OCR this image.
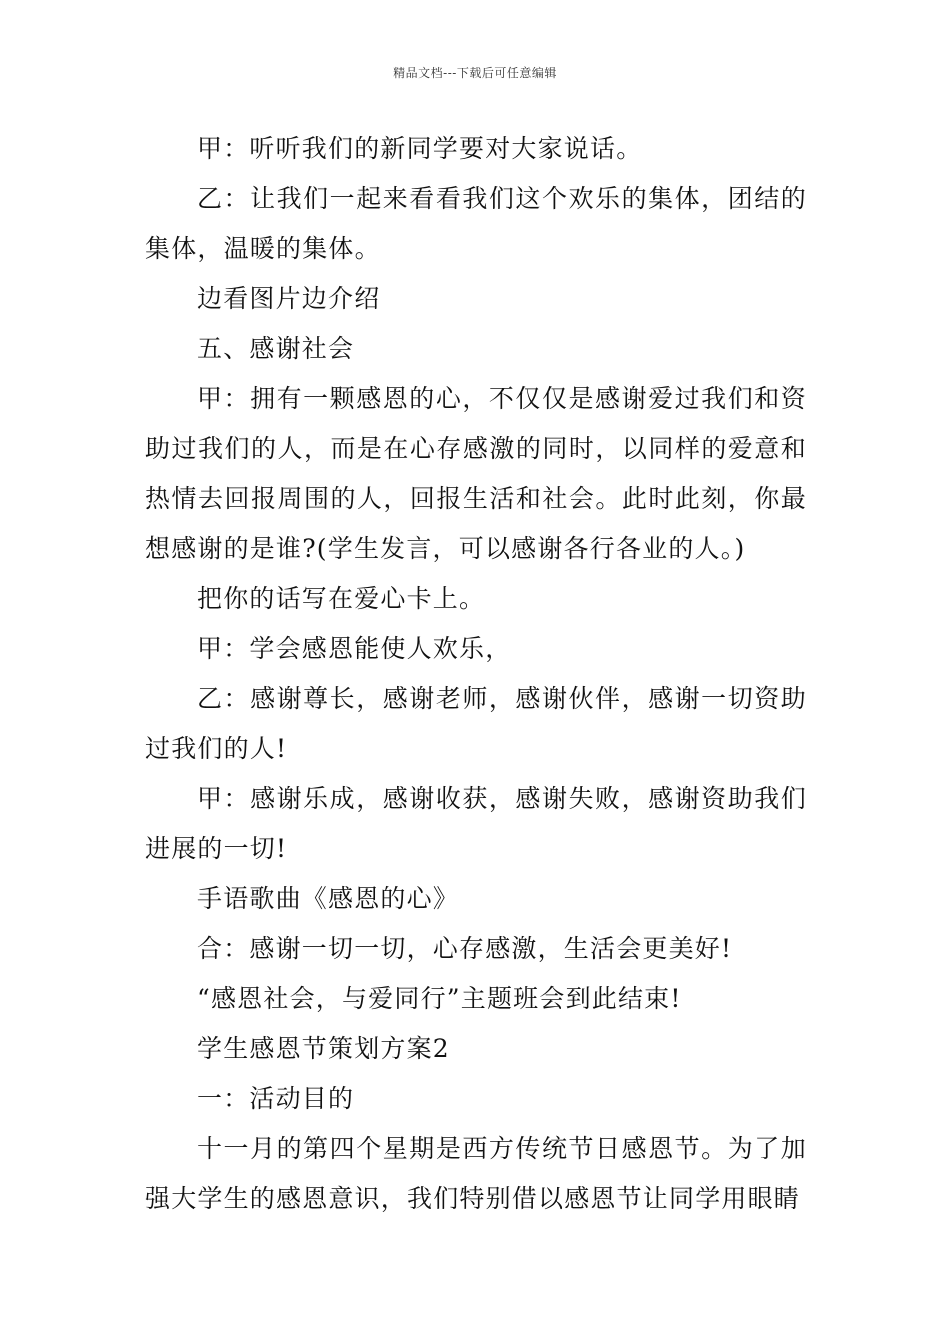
精品文档---下载后可任意编辑

甲：听听我们的新同学要对大家说话。

乙：让我们一起来看看我们这个欢乐的集体，团结的集体，温暖的集体。

边看图片边介绍

五、感谢社会

甲：拥有一颗感恩的心，不仅仅是感谢爱过我们和资助过我们的人，而是在心存感激的同时，以同样的爱意和热情去回报周围的人，回报生活和社会。此时此刻，你最想感谢的是谁?(学生发言，可以感谢各行各业的人。)

把你的话写在爱心卡上。

甲：学会感恩能使人欢乐，

乙：感谢尊长，感谢老师，感谢伙伴，感谢一切资助过我们的人!

甲：感谢乐成，感谢收获，感谢失败，感谢资助我们进展的一切!

手语歌曲《感恩的心》

合：感谢一切一切，心存感激，生活会更美好!

“感恩社会，与爱同行”主题班会到此结束!

学生感恩节策划方案2

一：活动目的

十一月的第四个星期是西方传统节日感恩节。为了加强大学生的感恩意识，我们特别借以感恩节让同学用眼睛
